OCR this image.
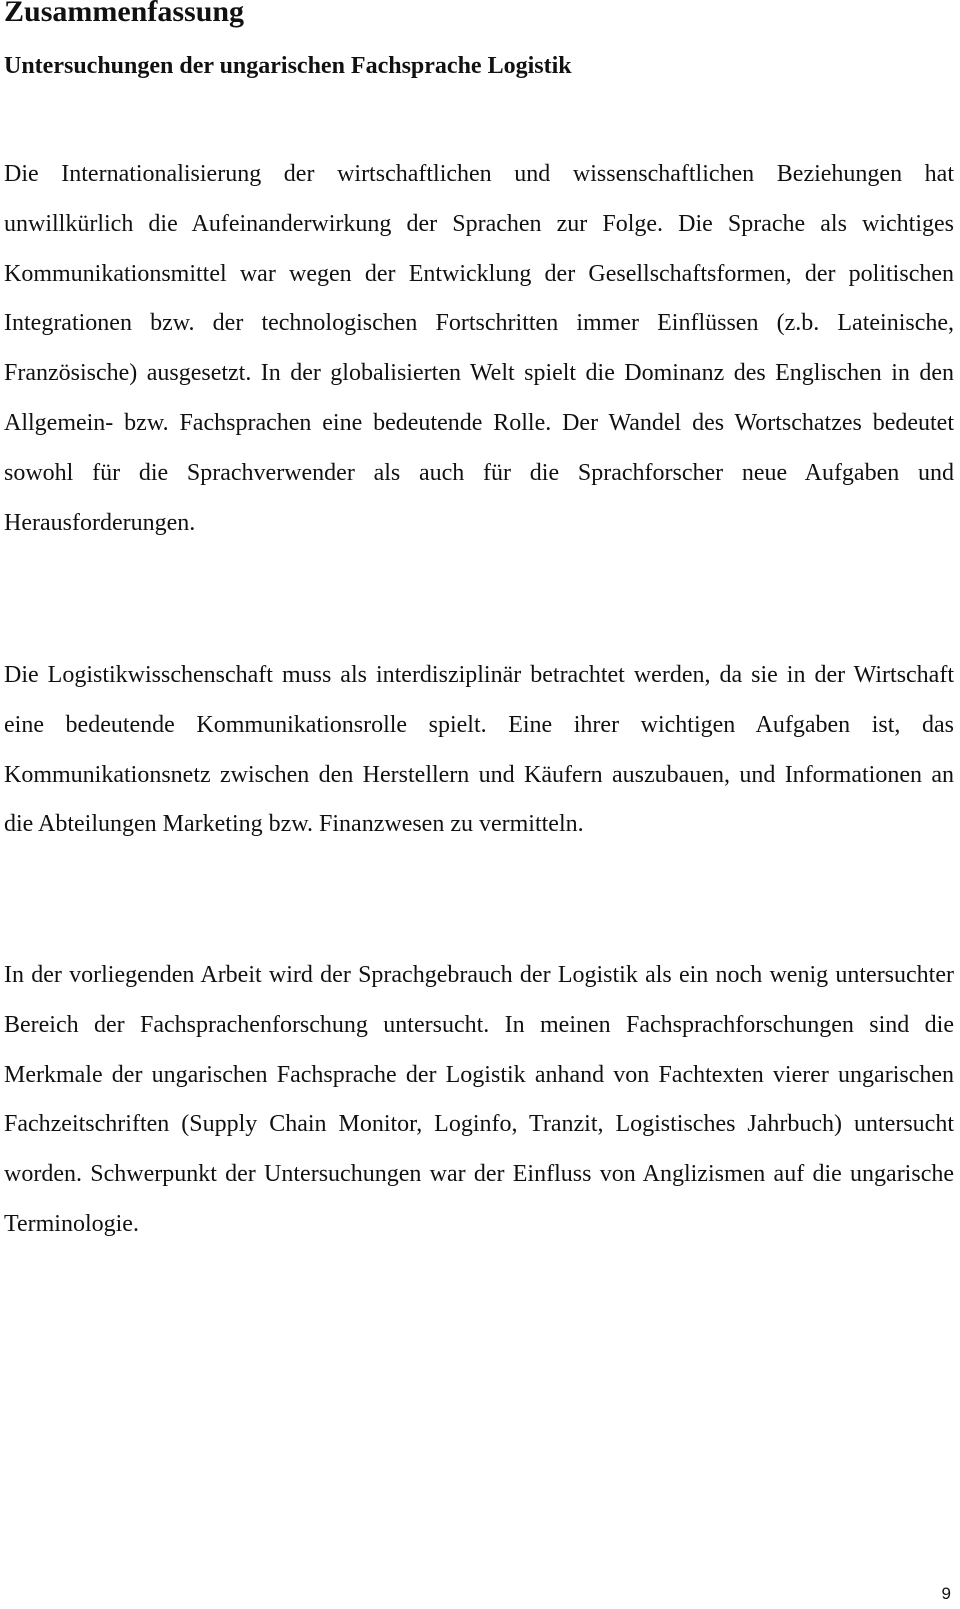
Zusammenfassung
Untersuchungen der ungarischen Fachsprache Logistik

Die Internationalisierung der wirtschaftlichen und wissenschaftlichen Beziehungen hat unwillkürlich die Aufeinanderwirkung der Sprachen zur Folge. Die Sprache als wichtiges Kommunikationsmittel war wegen der Entwicklung der Gesellschaftsformen, der politischen Integrationen bzw. der technologischen Fortschritten immer Einflüssen (z.b. Lateinische, Französische) ausgesetzt. In der globalisierten Welt spielt die Dominanz des Englischen in den Allgemein- bzw. Fachsprachen eine bedeutende Rolle. Der Wandel des Wortschatzes bedeutet sowohl für die Sprachverwender als auch für die Sprachforscher neue Aufgaben und Herausforderungen.

Die Logistikwisschenschaft muss als interdisziplinär betrachtet werden, da sie in der Wirtschaft eine bedeutende Kommunikationsrolle spielt. Eine ihrer wichtigen Aufgaben ist, das Kommunikationsnetz zwischen den Herstellern und Käufern auszubauen, und Informationen an die Abteilungen Marketing bzw. Finanzwesen zu vermitteln.

In der vorliegenden Arbeit wird der Sprachgebrauch der Logistik als ein noch wenig untersuchter Bereich der Fachsprachenforschung untersucht. In meinen Fachsprachforschungen sind die Merkmale der ungarischen Fachsprache der Logistik anhand von Fachtexten vierer ungarischen Fachzeitschriften (Supply Chain Monitor, Loginfo, Tranzit, Logistisches Jahrbuch) untersucht worden. Schwerpunkt der Untersuchungen war der Einfluss von Anglizismen auf die ungarische Terminologie.

9
